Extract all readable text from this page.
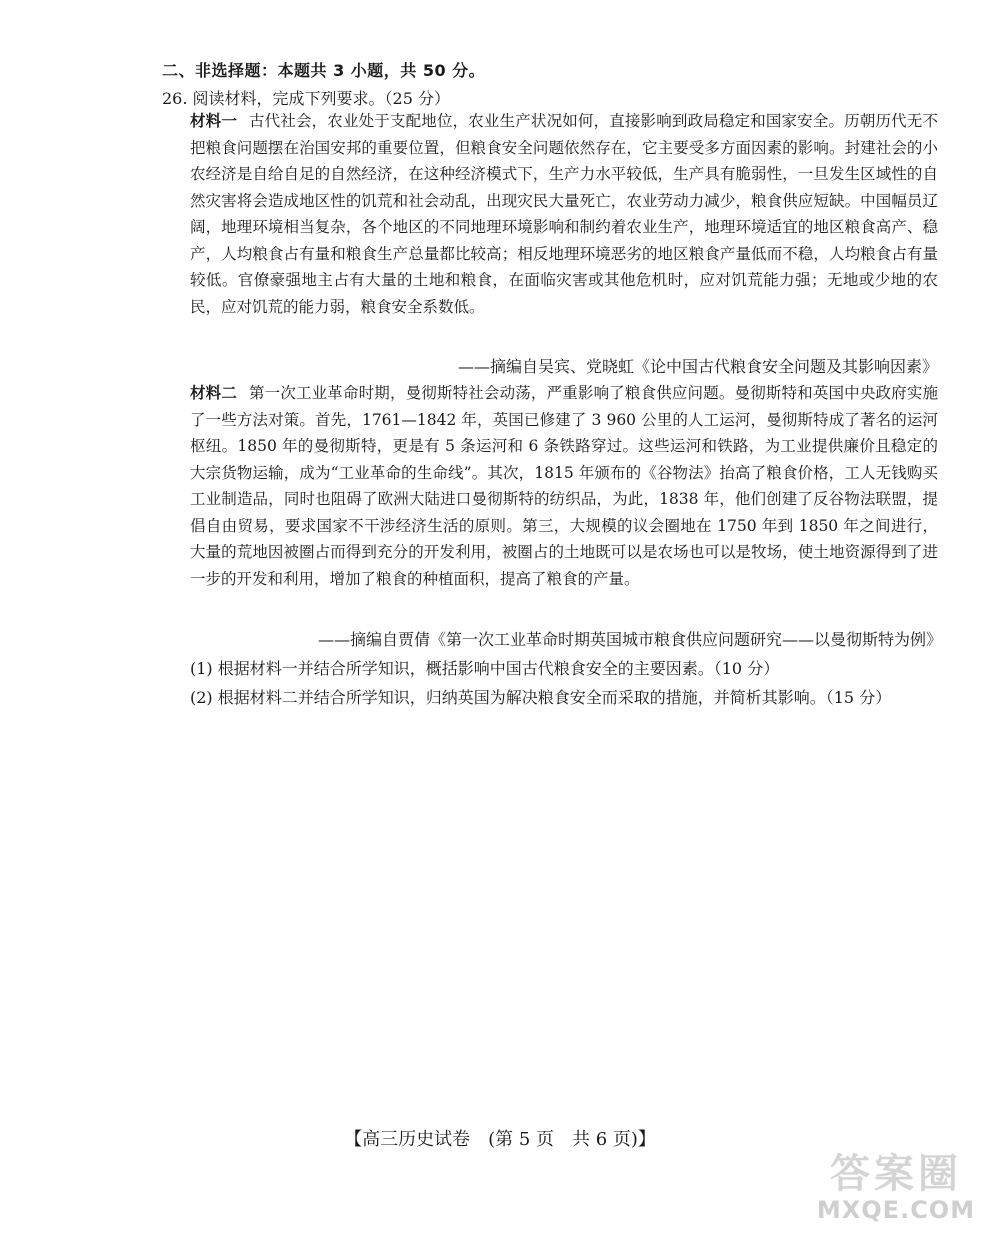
二、非选择题：本题共 3 小题，共 50 分。
26. 阅读材料，完成下列要求。（25 分）
材料一 古代社会，农业处于支配地位，农业生产状况如何，直接影响到政局稳定和国家安全。历朝历代无不把粮食问题摆在治国安邦的重要位置，但粮食安全问题依然存在，它主要受多方面因素的影响。封建社会的小农经济是自给自足的自然经济，在这种经济模式下，生产力水平较低，生产具有脆弱性，一旦发生区域性的自然灾害将会造成地区性的饥荒和社会动乱，出现灾民大量死亡，农业劳动力减少，粮食供应短缺。中国幅员辽阔，地理环境相当复杂，各个地区的不同地理环境影响和制约着农业生产，地理环境适宜的地区粮食高产、稳产，人均粮食占有量和粮食生产总量都比较高；相反地理环境恶劣的地区粮食产量低而不稳，人均粮食占有量较低。官僚豪强地主占有大量的土地和粮食，在面临灾害或其他危机时，应对饥荒能力强；无地或少地的农民，应对饥荒的能力弱，粮食安全系数低。
——摘编自吴宾、党晓虹《论中国古代粮食安全问题及其影响因素》
材料二 第一次工业革命时期，曼彻斯特社会动荡，严重影响了粮食供应问题。曼彻斯特和英国中央政府实施了一些方法对策。首先，1761—1842 年，英国已修建了 3 960 公里的人工运河，曼彻斯特成了著名的运河枢纽。1850 年的曼彻斯特，更是有 5 条运河和 6 条铁路穿过。这些运河和铁路，为工业提供廉价且稳定的大宗货物运输，成为“工业革命的生命线”。其次，1815 年颁布的《谷物法》抬高了粮食价格，工人无钱购买工业制造品，同时也阻碍了欧洲大陆进口曼彻斯特的纺织品，为此，1838 年，他们创建了反谷物法联盟，提倡自由贸易，要求国家不干涉经济生活的原则。第三，大规模的议会圈地在 1750 年到 1850 年之间进行，大量的荒地因被圈占而得到充分的开发利用，被圈占的土地既可以是农场也可以是牧场，使土地资源得到了进一步的开发和利用，增加了粮食的种植面积，提高了粮食的产量。
——摘编自贾倩《第一次工业革命时期英国城市粮食供应问题研究——以曼彻斯特为例》
(1) 根据材料一并结合所学知识，概括影响中国古代粮食安全的主要因素。（10 分）
(2) 根据材料二并结合所学知识，归纳英国为解决粮食安全而采取的措施，并简析其影响。（15 分）
【高三历史试卷　(第 5 页　共 6 页)】
答案圈
MXQE.COM
